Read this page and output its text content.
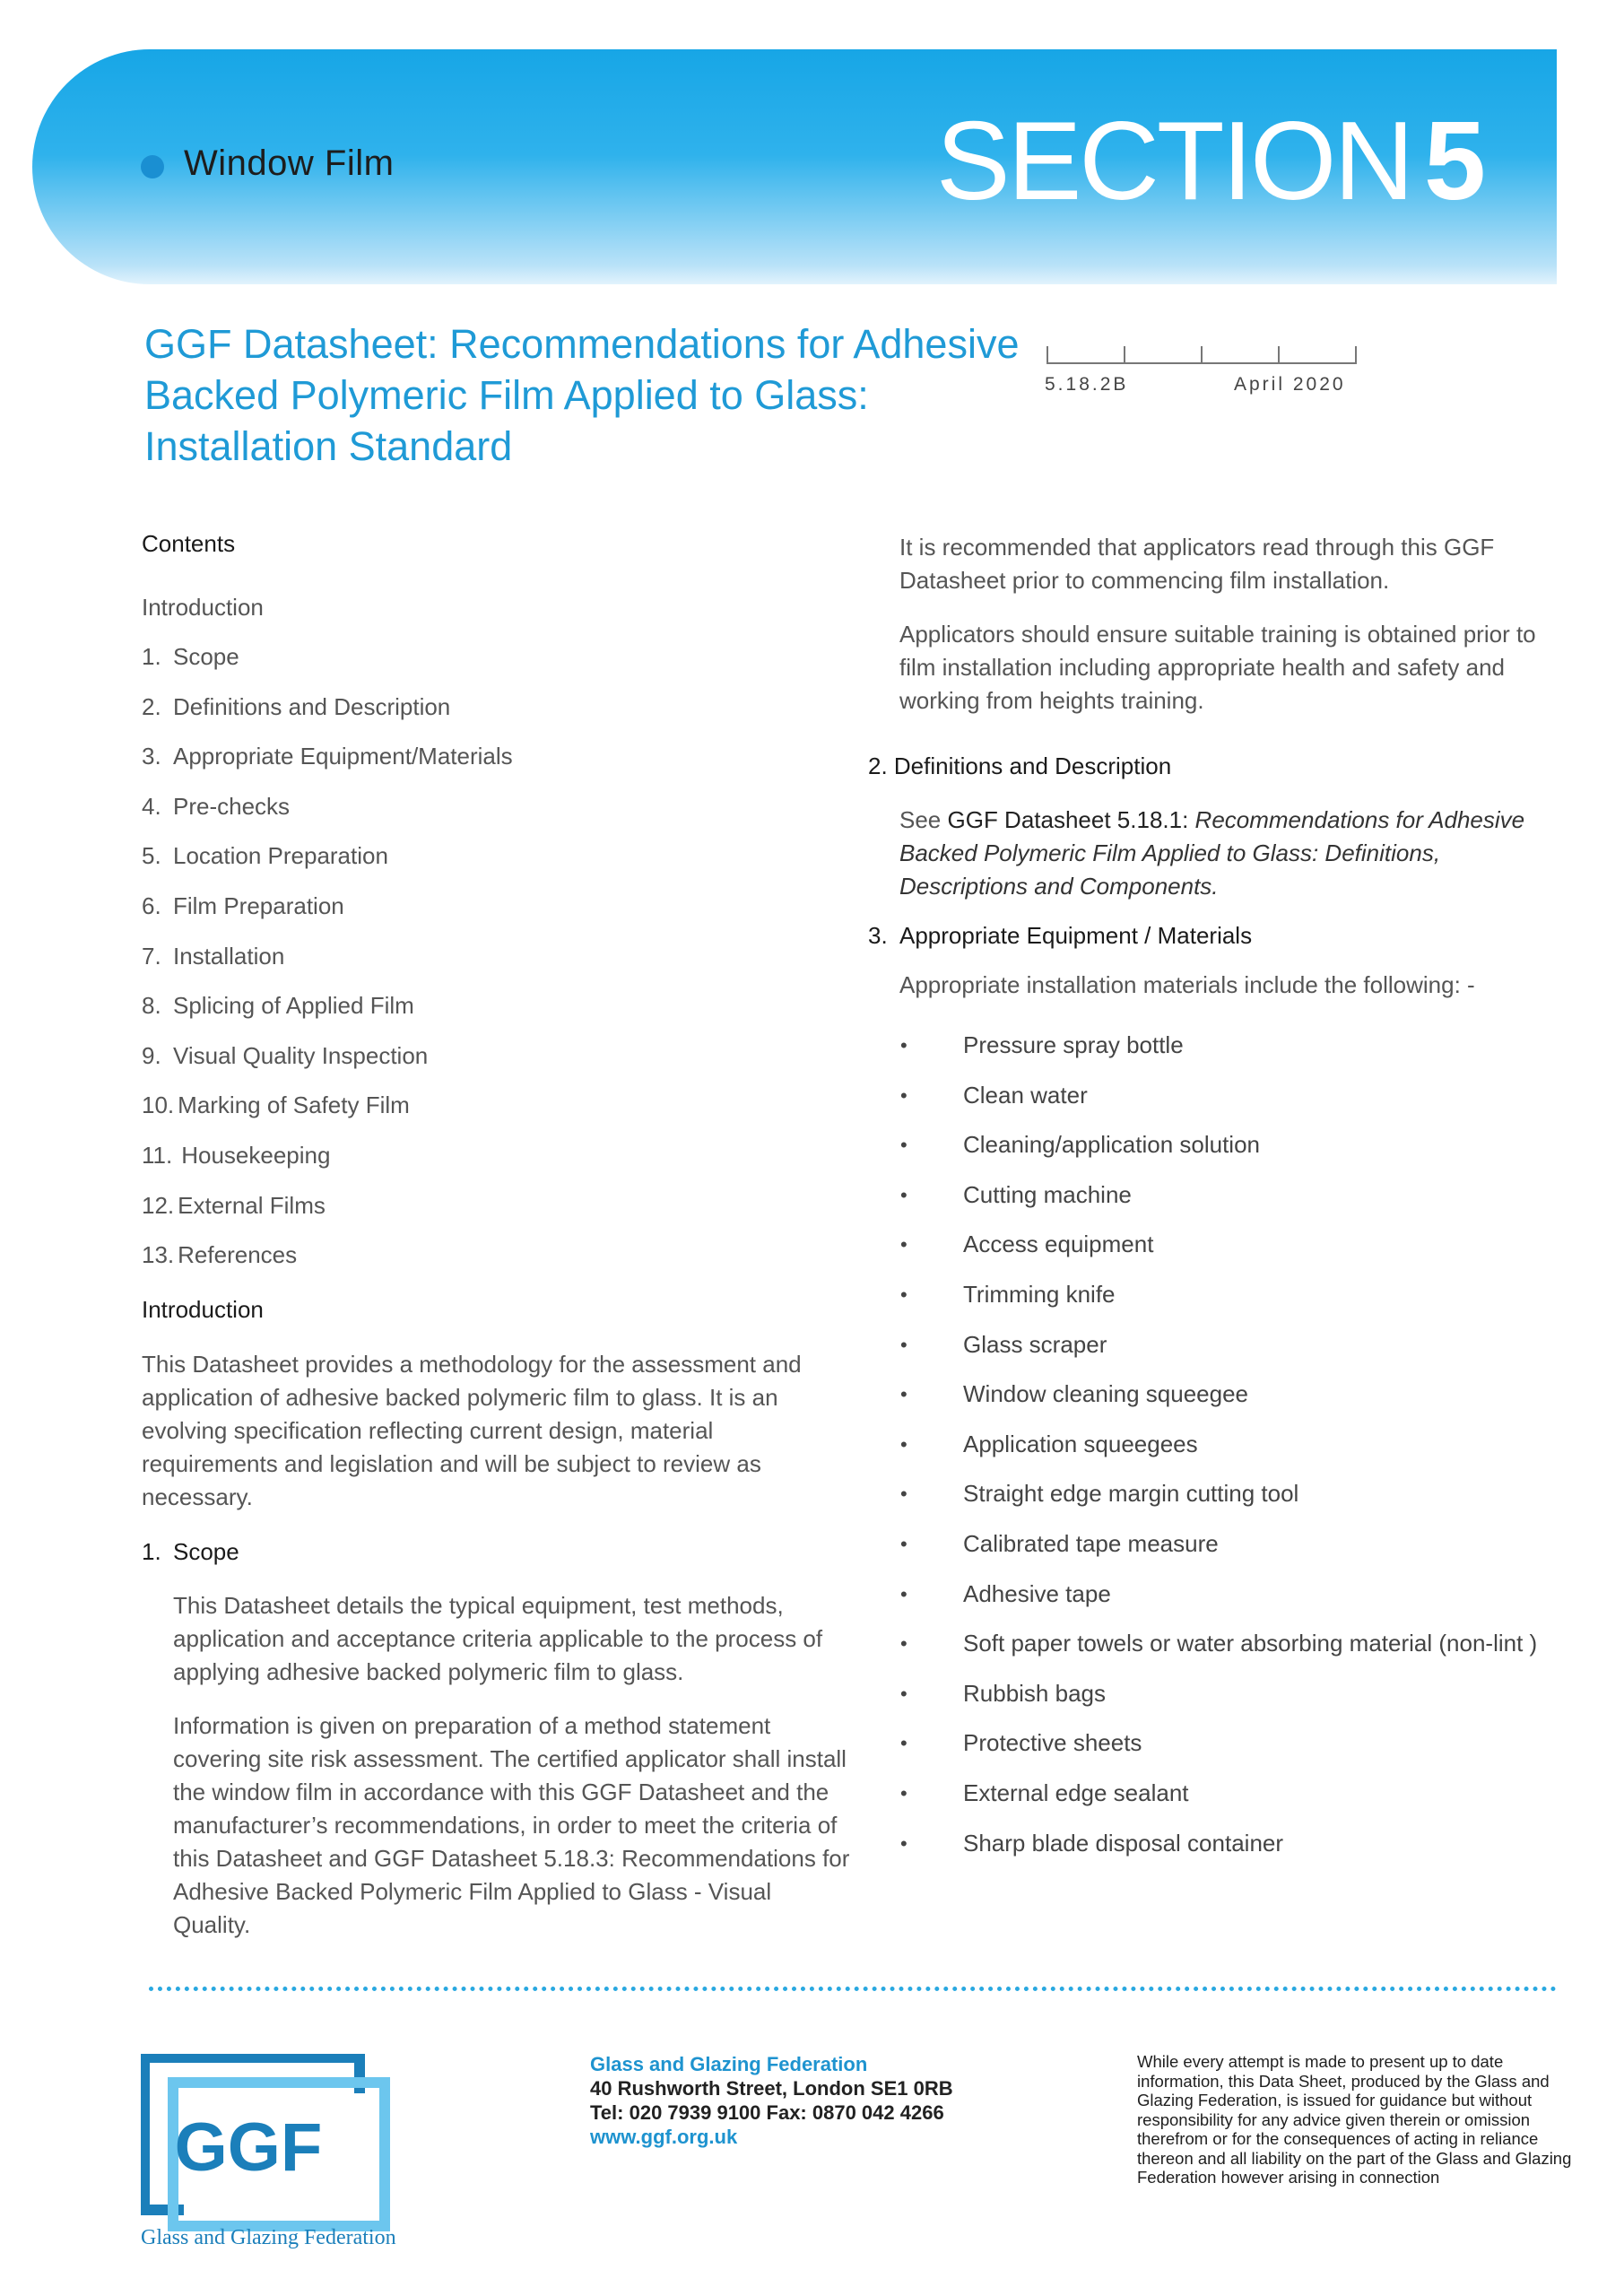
Window Film	SECTION 5
GGF Datasheet: Recommendations for Adhesive Backed Polymeric Film Applied to Glass: Installation Standard
5.18.2B	April 2020

Contents

Introduction

1. Scope
2. Definitions and Description
3. Appropriate Equipment/Materials
4. Pre-checks
5. Location Preparation
6. Film Preparation
7. Installation
8. Splicing of Applied Film
9. Visual Quality Inspection
10. Marking of Safety Film
11. Housekeeping
12. External Films
13. References

Introduction

This Datasheet provides a methodology for the assessment and application of adhesive backed polymeric film to glass. It is an evolving specification reflecting current design, material requirements and legislation and will be subject to review as necessary.

1. Scope

This Datasheet details the typical equipment, test methods, application and acceptance criteria applicable to the process of applying adhesive backed polymeric film to glass.

Information is given on preparation of a method statement covering site risk assessment. The certified applicator shall install the window film in accordance with this GGF Datasheet and the manufacturer’s recommendations, in order to meet the criteria of this Datasheet and GGF Datasheet 5.18.3: Recommendations for Adhesive Backed Polymeric Film Applied to Glass - Visual Quality.

It is recommended that applicators read through this GGF Datasheet prior to commencing film installation.

Applicators should ensure suitable training is obtained prior to film installation including appropriate health and safety and working from heights training.

2. Definitions and Description

See GGF Datasheet 5.18.1: Recommendations for Adhesive Backed Polymeric Film Applied to Glass: Definitions, Descriptions and Components.

3. Appropriate Equipment / Materials

Appropriate installation materials include the following: -

•	Pressure spray bottle
•	Clean water
•	Cleaning/application solution
•	Cutting machine
•	Access equipment
•	Trimming knife
•	Glass scraper
•	Window cleaning squeegee
•	Application squeegees
•	Straight edge margin cutting tool
•	Calibrated tape measure
•	Adhesive tape
•	Soft paper towels or water absorbing material (non-lint )
•	Rubbish bags
•	Protective sheets
•	External edge sealant
•	Sharp blade disposal container
GGF
Glass and Glazing Federation
Glass and Glazing Federation
40 Rushworth Street, London SE1 0RB
Tel: 020 7939 9100 Fax: 0870 042 4266
www.ggf.org.uk
While every attempt is made to present up to date information, this Data Sheet, produced by the Glass and Glazing Federation, is issued for guidance but without responsibility for any advice given therein or omission therefrom or for the consequences of acting in reliance thereon and all liability on the part of the Glass and Glazing Federation however arising in connection
